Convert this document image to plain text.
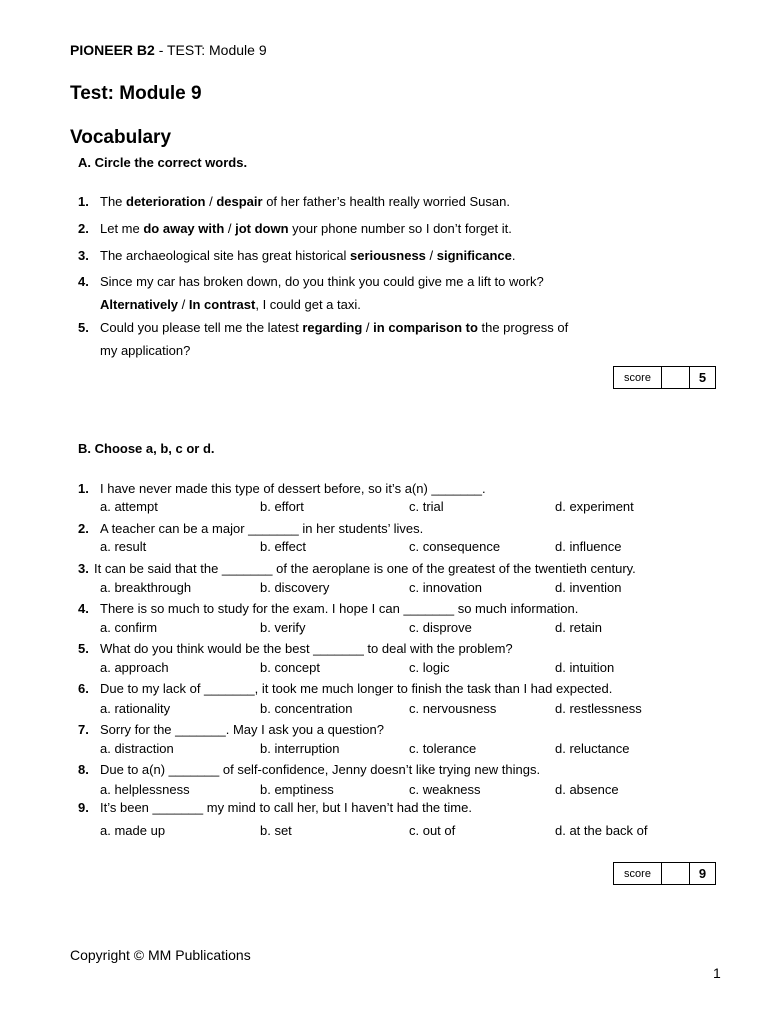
PIONEER B2 - TEST: Module 9
Test: Module 9
Vocabulary
A. Circle the correct words.
1. The deterioration / despair of her father’s health really worried Susan.
2. Let me do away with / jot down your phone number so I don’t forget it.
3. The archaeological site has great historical seriousness / significance.
4. Since my car has broken down, do you think you could give me a lift to work?
Alternatively / In contrast, I could get a taxi.
5. Could you please tell me the latest regarding / in comparison to the progress of
my application?
score	5
B. Choose a, b, c or d.
1. I have never made this type of dessert before, so it’s a(n) _______.
a. attempt	b. effort	c. trial	d. experiment
2. A teacher can be a major _______ in her students’ lives.
a. result	b. effect	c. consequence	d. influence
3. It can be said that the _______ of the aeroplane is one of the greatest of the twentieth century.
a. breakthrough	b. discovery	c. innovation	d. invention
4. There is so much to study for the exam. I hope I can _______ so much information.
a. confirm	b. verify	c. disprove	d. retain
5. What do you think would be the best _______ to deal with the problem?
a. approach	b. concept	c. logic	d. intuition
6. Due to my lack of _______, it took me much longer to finish the task than I had expected.
a. rationality	b. concentration	c. nervousness	d. restlessness
7. Sorry for the _______. May I ask you a question?
a. distraction	b. interruption	c. tolerance	d. reluctance
8. Due to a(n) _______ of self-confidence, Jenny doesn’t like trying new things.
a. helplessness	b. emptiness	c. weakness	d. absence
9. It’s been _______ my mind to call her, but I haven’t had the time.
a. made up	b. set	c. out of	d. at the back of
score	9
Copyright © MM Publications
1
